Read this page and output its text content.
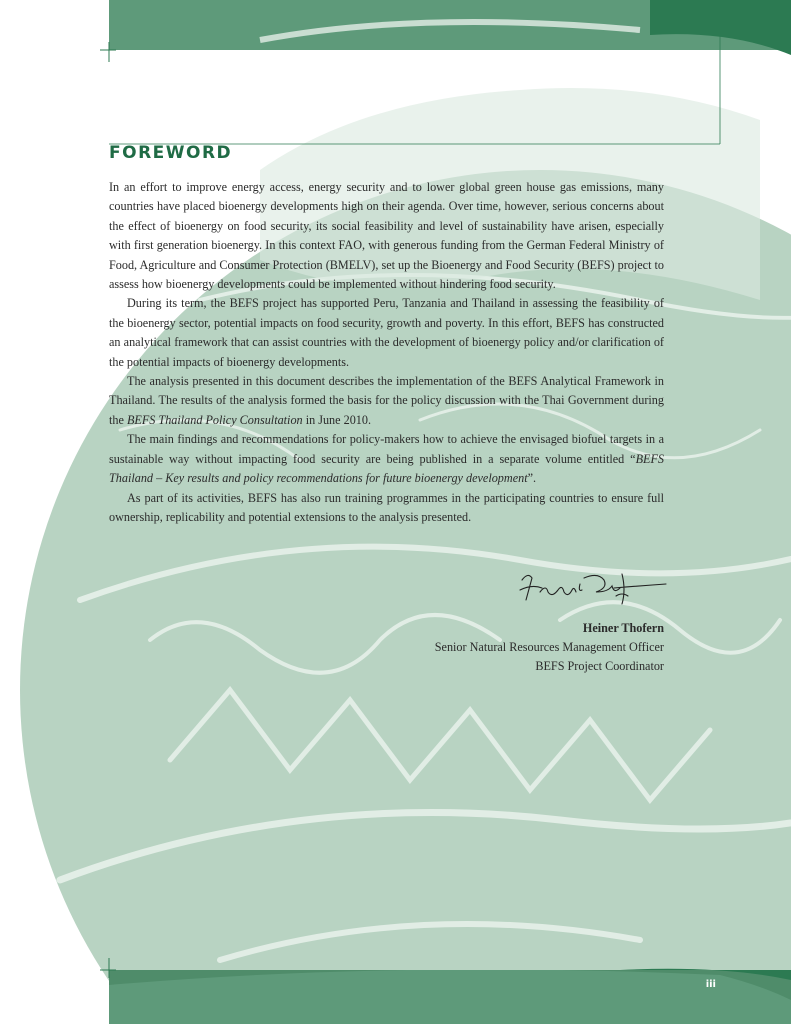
FOREWORD

In an effort to improve energy access, energy security and to lower global green house gas emissions, many countries have placed bioenergy developments high on their agenda. Over time, however, serious concerns about the effect of bioenergy on food security, its social feasibility and level of sustainability have arisen, especially with first generation bioenergy. In this context FAO, with generous funding from the German Federal Ministry of Food, Agriculture and Consumer Protection (BMELV), set up the Bioenergy and Food Security (BEFS) project to assess how bioenergy developments could be implemented without hindering food security.

During its term, the BEFS project has supported Peru, Tanzania and Thailand in assessing the feasibility of the bioenergy sector, potential impacts on food security, growth and poverty. In this effort, BEFS has constructed an analytical framework that can assist countries with the development of bioenergy policy and/or clarification of the potential impacts of bioenergy developments.

The analysis presented in this document describes the implementation of the BEFS Analytical Framework in Thailand. The results of the analysis formed the basis for the policy discussion with the Thai Government during the BEFS Thailand Policy Consultation in June 2010.

The main findings and recommendations for policy-makers how to achieve the envisaged biofuel targets in a sustainable way without impacting food security are being published in a separate volume entitled “BEFS Thailand – Key results and policy recommendations for future bioenergy development”.

As part of its activities, BEFS has also run training programmes in the participating countries to ensure full ownership, replicability and potential extensions to the analysis presented.

Heiner Thofern
Senior Natural Resources Management Officer
BEFS Project Coordinator
iii
